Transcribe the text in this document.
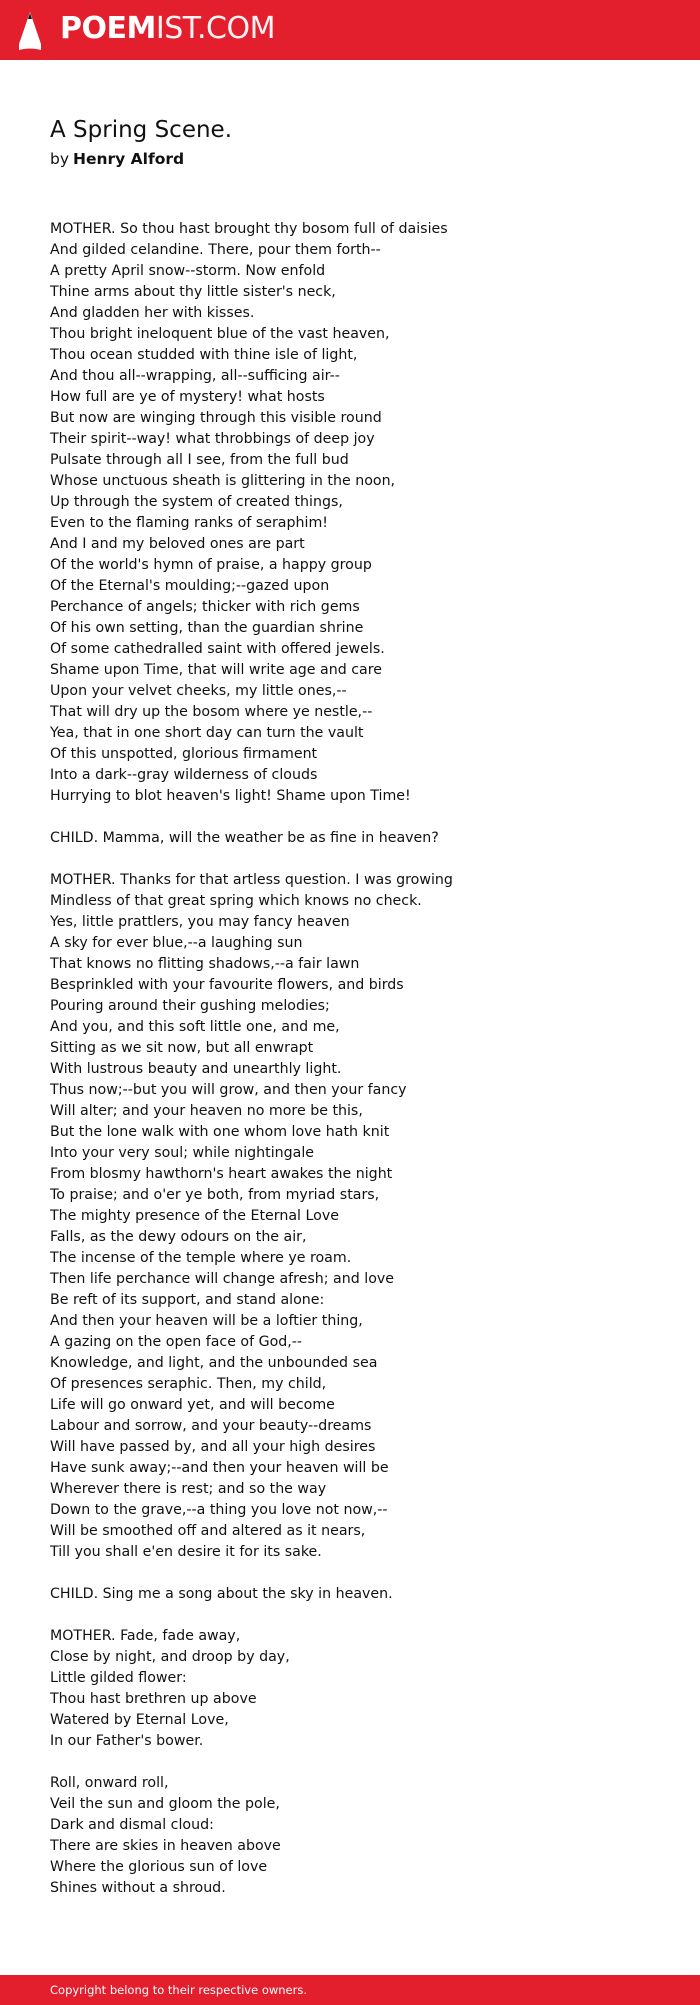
POEMIST.COM
A Spring Scene.
by Henry Alford
MOTHER. So thou hast brought thy bosom full of daisies
And gilded celandine. There, pour them forth--
A pretty April snow--storm. Now enfold
Thine arms about thy little sister's neck,
And gladden her with kisses.
Thou bright ineloquent blue of the vast heaven,
Thou ocean studded with thine isle of light,
And thou all--wrapping, all--sufficing air--
How full are ye of mystery! what hosts
But now are winging through this visible round
Their spirit--way! what throbbings of deep joy
Pulsate through all I see, from the full bud
Whose unctuous sheath is glittering in the noon,
Up through the system of created things,
Even to the flaming ranks of seraphim!
And I and my beloved ones are part
Of the world's hymn of praise, a happy group
Of the Eternal's moulding;--gazed upon
Perchance of angels; thicker with rich gems
Of his own setting, than the guardian shrine
Of some cathedralled saint with offered jewels.
Shame upon Time, that will write age and care
Upon your velvet cheeks, my little ones,--
That will dry up the bosom where ye nestle,--
Yea, that in one short day can turn the vault
Of this unspotted, glorious firmament
Into a dark--gray wilderness of clouds
Hurrying to blot heaven's light! Shame upon Time!
CHILD. Mamma, will the weather be as fine in heaven?
MOTHER. Thanks for that artless question. I was growing
Mindless of that great spring which knows no check.
Yes, little prattlers, you may fancy heaven
A sky for ever blue,--a laughing sun
That knows no flitting shadows,--a fair lawn
Besprinkled with your favourite flowers, and birds
Pouring around their gushing melodies;
And you, and this soft little one, and me,
Sitting as we sit now, but all enwrapt
With lustrous beauty and unearthly light.
Thus now;--but you will grow, and then your fancy
Will alter; and your heaven no more be this,
But the lone walk with one whom love hath knit
Into your very soul; while nightingale
From blosmy hawthorn's heart awakes the night
To praise; and o'er ye both, from myriad stars,
The mighty presence of the Eternal Love
Falls, as the dewy odours on the air,
The incense of the temple where ye roam.
Then life perchance will change afresh; and love
Be reft of its support, and stand alone:
And then your heaven will be a loftier thing,
A gazing on the open face of God,--
Knowledge, and light, and the unbounded sea
Of presences seraphic. Then, my child,
Life will go onward yet, and will become
Labour and sorrow, and your beauty--dreams
Will have passed by, and all your high desires
Have sunk away;--and then your heaven will be
Wherever there is rest; and so the way
Down to the grave,--a thing you love not now,--
Will be smoothed off and altered as it nears,
Till you shall e'en desire it for its sake.
CHILD. Sing me a song about the sky in heaven.
MOTHER. Fade, fade away,
Close by night, and droop by day,
Little gilded flower:
Thou hast brethren up above
Watered by Eternal Love,
In our Father's bower.
Roll, onward roll,
Veil the sun and gloom the pole,
Dark and dismal cloud:
There are skies in heaven above
Where the glorious sun of love
Shines without a shroud.
Copyright belong to their respective owners.
